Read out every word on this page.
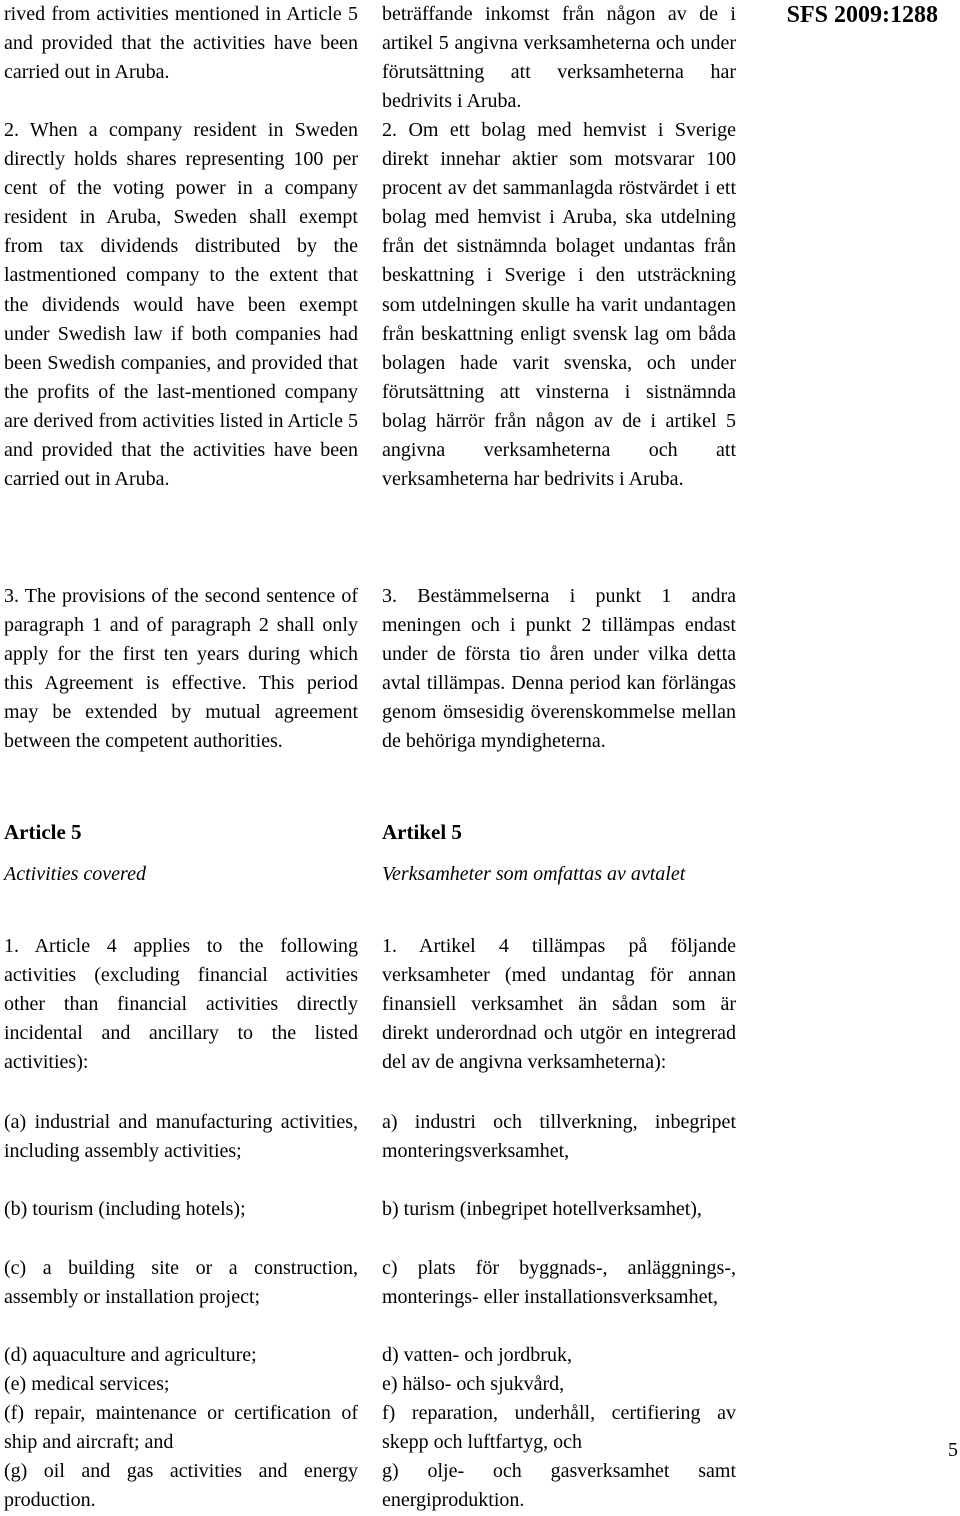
SFS 2009:1288
5

rived from activities mentioned in Article 5 and provided that the activities have been carried out in Aruba.

2. When a company resident in Sweden directly holds shares representing 100 per cent of the voting power in a company resident in Aruba, Sweden shall exempt from tax dividends distributed by the lastmentioned company to the extent that the dividends would have been exempt under Swedish law if both companies had been Swedish companies, and provided that the profits of the last-mentioned company are derived from activities listed in Article 5 and provided that the activities have been carried out in Aruba.

3. The provisions of the second sentence of paragraph 1 and of paragraph 2 shall only apply for the first ten years during which this Agreement is effective. This period may be extended by mutual agreement between the competent authorities.

Article 5

Activities covered

1. Article 4 applies to the following activities (excluding financial activities other than financial activities directly incidental and ancillary to the listed activities):

(a) industrial and manufacturing activities, including assembly activities;

(b) tourism (including hotels);

(c) a building site or a construction, assembly or installation project;

(d) aquaculture and agriculture;

(e) medical services;

(f) repair, maintenance or certification of ship and aircraft; and

(g) oil and gas activities and energy production.

beträffande inkomst från någon av de i artikel 5 angivna verksamheterna och under förutsättning att verksamheterna har bedrivits i Aruba.

2. Om ett bolag med hemvist i Sverige direkt innehar aktier som motsvarar 100 procent av det sammanlagda röstvärdet i ett bolag med hemvist i Aruba, ska utdelning från det sistnämnda bolaget undantas från beskattning i Sverige i den utsträckning som utdelningen skulle ha varit undantagen från beskattning enligt svensk lag om båda bolagen hade varit svenska, och under förutsättning att vinsterna i sistnämnda bolag härrör från någon av de i artikel 5 angivna verksamheterna och att verksamheterna har bedrivits i Aruba.

3. Bestämmelserna i punkt 1 andra meningen och i punkt 2 tillämpas endast under de första tio åren under vilka detta avtal tillämpas. Denna period kan förlängas genom ömsesidig överenskommelse mellan de behöriga myndigheterna.

Artikel 5

Verksamheter som omfattas av avtalet

1. Artikel 4 tillämpas på följande verksamheter (med undantag för annan finansiell verksamhet än sådan som är direkt underordnad och utgör en integrerad del av de angivna verksamheterna):

a) industri och tillverkning, inbegripet monteringsverksamhet,

b) turism (inbegripet hotellverksamhet),

c) plats för byggnads-, anläggnings-, monterings- eller installationsverksamhet,

d) vatten- och jordbruk,

e) hälso- och sjukvård,

f) reparation, underhåll, certifiering av skepp och luftfartyg, och

g) olje- och gasverksamhet samt energiproduktion.
